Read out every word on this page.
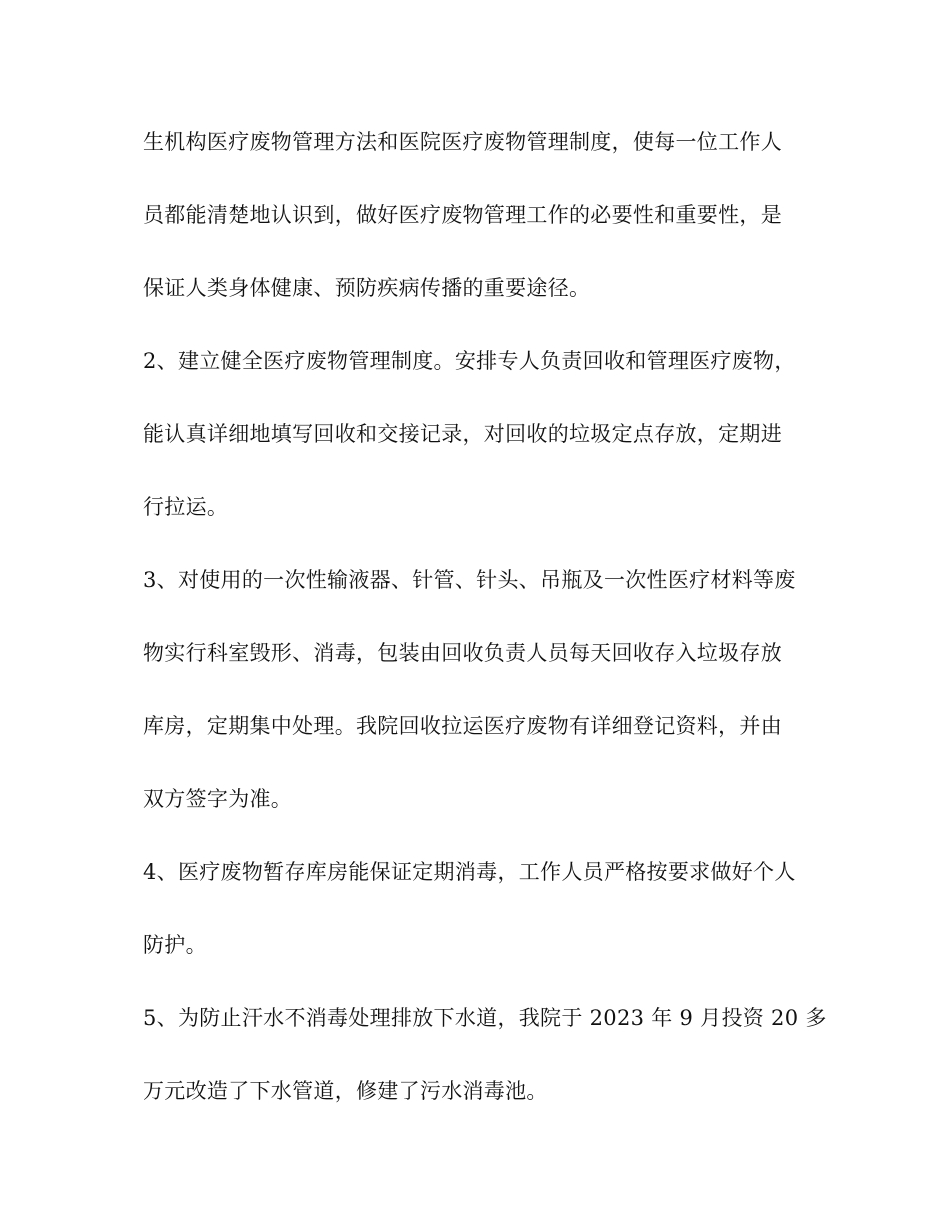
生机构医疗废物管理方法和医院医疗废物管理制度，使每一位工作人
员都能清楚地认识到，做好医疗废物管理工作的必要性和重要性，是
保证人类身体健康、预防疾病传播的重要途径。
2、建立健全医疗废物管理制度。安排专人负责回收和管理医疗废物，
能认真详细地填写回收和交接记录，对回收的垃圾定点存放，定期进
行拉运。
3、对使用的一次性输液器、针管、针头、吊瓶及一次性医疗材料等废
物实行科室毁形、消毒，包装由回收负责人员每天回收存入垃圾存放
库房，定期集中处理。我院回收拉运医疗废物有详细登记资料，并由
双方签字为准。
4、医疗废物暂存库房能保证定期消毒，工作人员严格按要求做好个人
防护。
5、为防止汗水不消毒处理排放下水道，我院于 2023 年 9 月投资 20 多
万元改造了下水管道，修建了污水消毒池。
